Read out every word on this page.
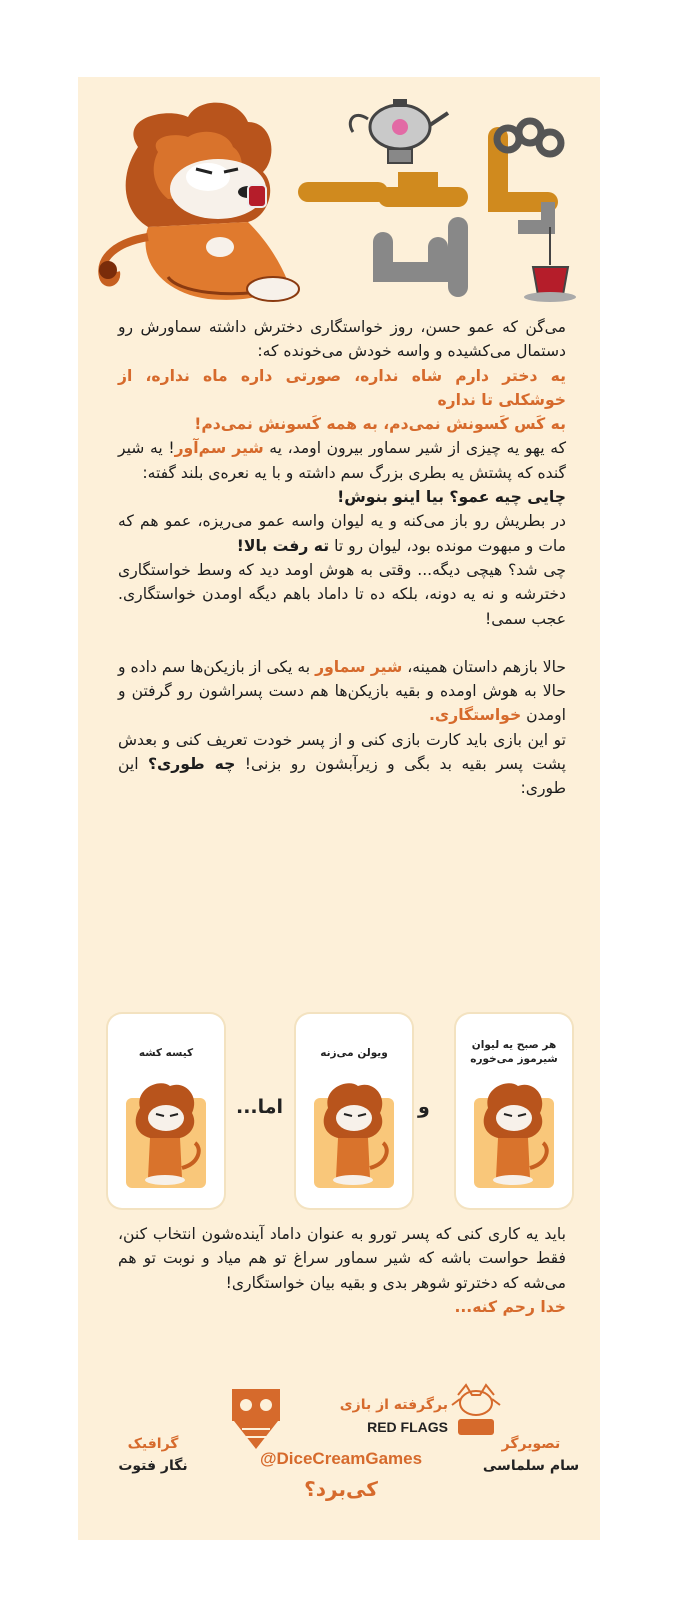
می‌گن که عمو حسن، روز خواستگاری دخترش داشته سماورش رو دستمال می‌کشیده و واسه خودش می‌خونده که:

یه دختر دارم شاه نداره، صورتی داره ماه نداره، از خوشکلی تا نداره

به کَس کَسونش نمی‌دم، به همه کَسونش نمی‌دم!

که یهو یه چیزی از شیر سماور بیرون اومد، یه شیر سم‌آور! یه شیر گنده که پشتش یه بطری بزرگ سم داشته و با یه نعره‌ی بلند گفته:

چایی چیه عمو؟ بیا اینو بنوش!

در بطریش رو باز می‌کنه و یه لیوان واسه عمو می‌ریزه، عمو هم که مات و مبهوت مونده بود، لیوان رو تا ته رفت بالا!

چی شد؟ هیچی دیگه... وقتی به هوش اومد دید که وسط خواستگاری دخترشه و نه یه دونه، بلکه ده تا داماد باهم دیگه اومدن خواستگاری. عجب سمی!

حالا بازهم داستان همینه، شیر سماور به یکی از بازیکن‌ها سم داده و حالا به هوش اومده و بقیه بازیکن‌ها هم دست پسراشون رو گرفتن و اومدن خواستگاری.

تو این بازی باید کارت بازی کنی و از پسر خودت تعریف کنی و بعدش پشت پسر بقیه بد بگی و زیرآبشون رو بزنی! چه طوری؟ این طوری:

هر صبح یه لیوان شیرموز می‌خوره
و
ویولن می‌زنه
اما...
کیسه کشه

باید یه کاری کنی که پسر تورو به عنوان داماد آینده‌شون انتخاب کنن، فقط حواست باشه که شیر سماور سراغ تو هم میاد و نوبت تو هم می‌شه که دخترتو شوهر بدی و بقیه بیان خواستگاری!

خدا رحم کنه...

تصویرگر
سام سلماسی
گرافیک
نگار فتوت
برگرفته از بازی
RED FLAGS
@DiceCreamGames
کی‌برد؟
